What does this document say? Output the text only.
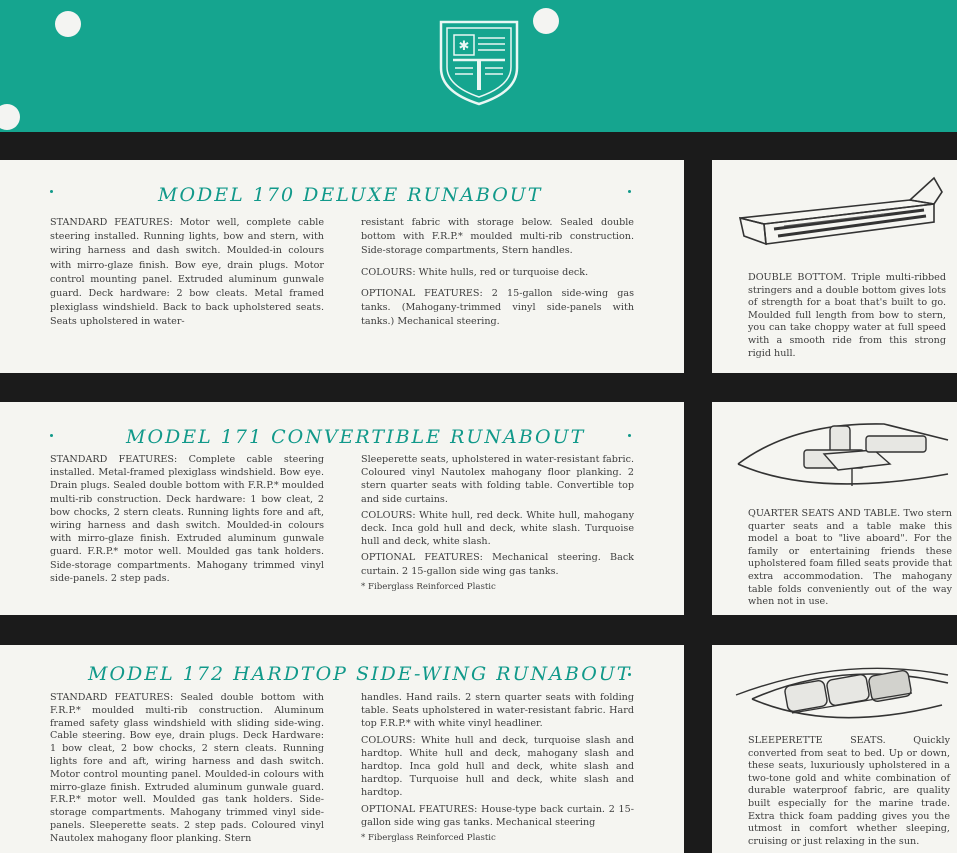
✱
MODEL 170 DELUXE RUNABOUT

STANDARD FEATURES: Motor well, complete cable steering installed. Running lights, bow and stern, with wiring harness and dash switch. Moulded-in colours with mirro-glaze finish. Bow eye, drain plugs. Motor control mounting panel. Extruded aluminum gunwale guard. Deck hardware: 2 bow cleats. Metal framed plexiglass windshield. Back to back upholstered seats. Seats upholstered in water-

resistant fabric with storage below. Sealed double bottom with F.R.P.* moulded multi-rib construction. Side-storage compartments, Stern handles.

COLOURS: White hulls, red or turquoise deck.

OPTIONAL FEATURES: 2 15-gallon side-wing gas tanks. (Mahogany-trimmed vinyl side-panels with tanks.) Mechanical steering.

MODEL 171 CONVERTIBLE RUNABOUT

STANDARD FEATURES: Complete cable steering installed. Metal-framed plexiglass windshield. Bow eye. Drain plugs. Sealed double bottom with F.R.P.* moulded multi-rib construction. Deck hardware: 1 bow cleat, 2 bow chocks, 2 stern cleats. Running lights fore and aft, wiring harness and dash switch. Moulded-in colours with mirro-glaze finish. Extruded aluminum gunwale guard. F.R.P.* motor well. Moulded gas tank holders. Side-storage compartments. Mahogany trimmed vinyl side-panels. 2 step pads.

Sleeperette seats, upholstered in water-resistant fabric. Coloured vinyl Nautolex mahogany floor planking. 2 stern quarter seats with folding table. Convertible top and side curtains.

COLOURS: White hull, red deck. White hull, mahogany deck. Inca gold hull and deck, white slash. Turquoise hull and deck, white slash.

OPTIONAL FEATURES: Mechanical steering. Back curtain. 2 15-gallon side wing gas tanks.

* Fiberglass Reinforced Plastic

MODEL 172 HARDTOP SIDE-WING RUNABOUT

STANDARD FEATURES: Sealed double bottom with F.R.P.* moulded multi-rib construction. Aluminum framed safety glass windshield with sliding side-wing. Cable steering. Bow eye, drain plugs. Deck Hardware: 1 bow cleat, 2 bow chocks, 2 stern cleats. Running lights fore and aft, wiring harness and dash switch. Motor control mounting panel. Moulded-in colours with mirro-glaze finish. Extruded aluminum gunwale guard. F.R.P.* motor well. Moulded gas tank holders. Side-storage compartments. Mahogany trimmed vinyl side-panels. Sleeperette seats. 2 step pads. Coloured vinyl Nautolex mahogany floor planking. Stern

handles. Hand rails. 2 stern quarter seats with folding table. Seats upholstered in water-resistant fabric. Hard top F.R.P.* with white vinyl headliner.

COLOURS: White hull and deck, turquoise slash and hardtop. White hull and deck, mahogany slash and hardtop. Inca gold hull and deck, white slash and hardtop. Turquoise hull and deck, white slash and hardtop.

OPTIONAL FEATURES: House-type back curtain. 2 15-gallon side wing gas tanks. Mechanical steering

* Fiberglass Reinforced Plastic

DOUBLE BOTTOM. Triple multi-ribbed stringers and a double bottom gives lots of strength for a boat that's built to go. Moulded full length from bow to stern, you can take choppy water at full speed with a smooth ride from this strong rigid hull.
QUARTER SEATS AND TABLE. Two stern quarter seats and a table make this model a boat to "live aboard". For the family or entertaining friends these upholstered foam filled seats provide that extra accommodation. The mahogany table folds conveniently out of the way when not in use.
SLEEPERETTE SEATS. Quickly converted from seat to bed. Up or down, these seats, luxuriously upholstered in a two-tone gold and white combination of durable waterproof fabric, are quality built especially for the marine trade. Extra thick foam padding gives you the utmost in comfort whether sleeping, cruising or just relaxing in the sun.
